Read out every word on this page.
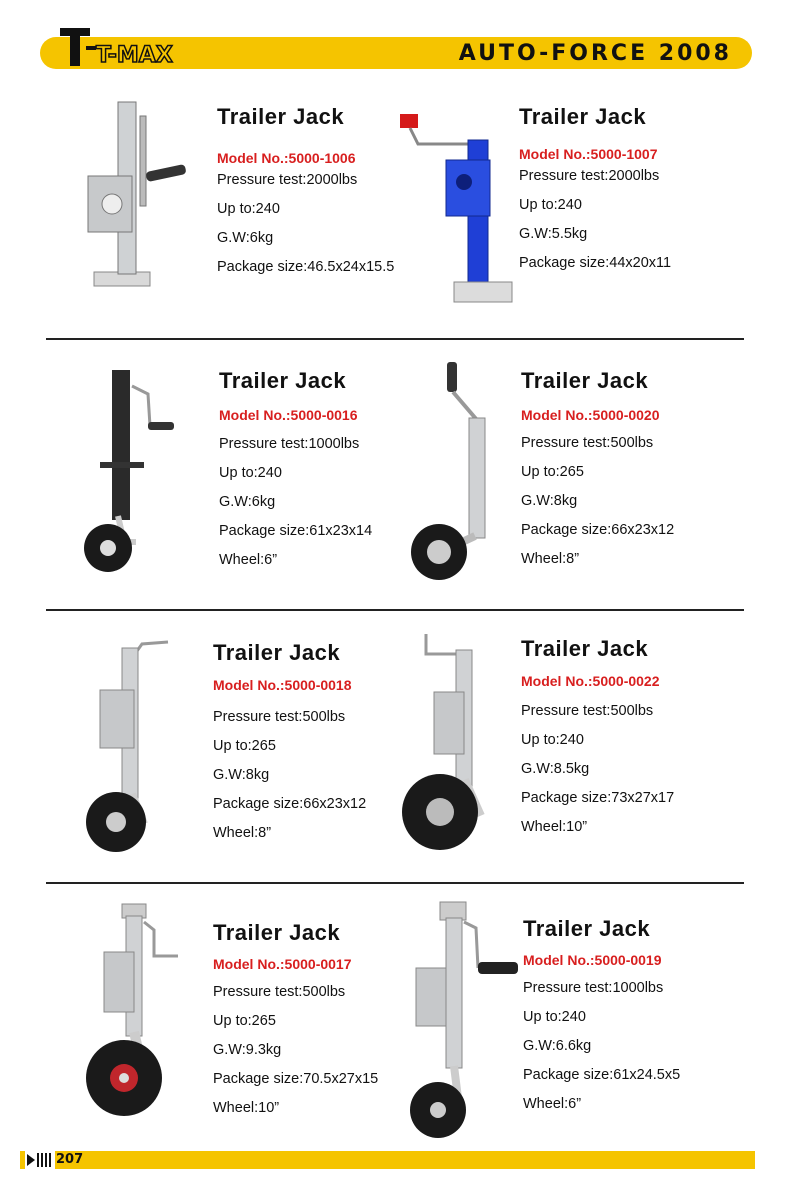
T-MAX	AUTO-FORCE 2008
Trailer Jack
Model No.:5000-1006
Pressure test:2000lbs
Up to:240
G.W:6kg
Package size:46.5x24x15.5
Trailer Jack
Model No.:5000-1007
Pressure test:2000lbs
Up to:240
G.W:5.5kg
Package size:44x20x11
Trailer Jack
Model No.:5000-0016
Pressure test:1000lbs
Up to:240
G.W:6kg
Package size:61x23x14
Wheel:6”
Trailer Jack
Model No.:5000-0020
Pressure test:500lbs
Up to:265
G.W:8kg
Package size:66x23x12
Wheel:8”
Trailer Jack
Model No.:5000-0018
Pressure test:500lbs
Up to:265
G.W:8kg
Package size:66x23x12
Wheel:8”
Trailer Jack
Model No.:5000-0022
Pressure test:500lbs
Up to:240
G.W:8.5kg
Package size:73x27x17
Wheel:10”
Trailer Jack
Model No.:5000-0017
Pressure test:500lbs
Up to:265
G.W:9.3kg
Package size:70.5x27x15
Wheel:10”
Trailer Jack
Model No.:5000-0019
Pressure test:1000lbs
Up to:240
G.W:6.6kg
Package size:61x24.5x5
Wheel:6”
207
